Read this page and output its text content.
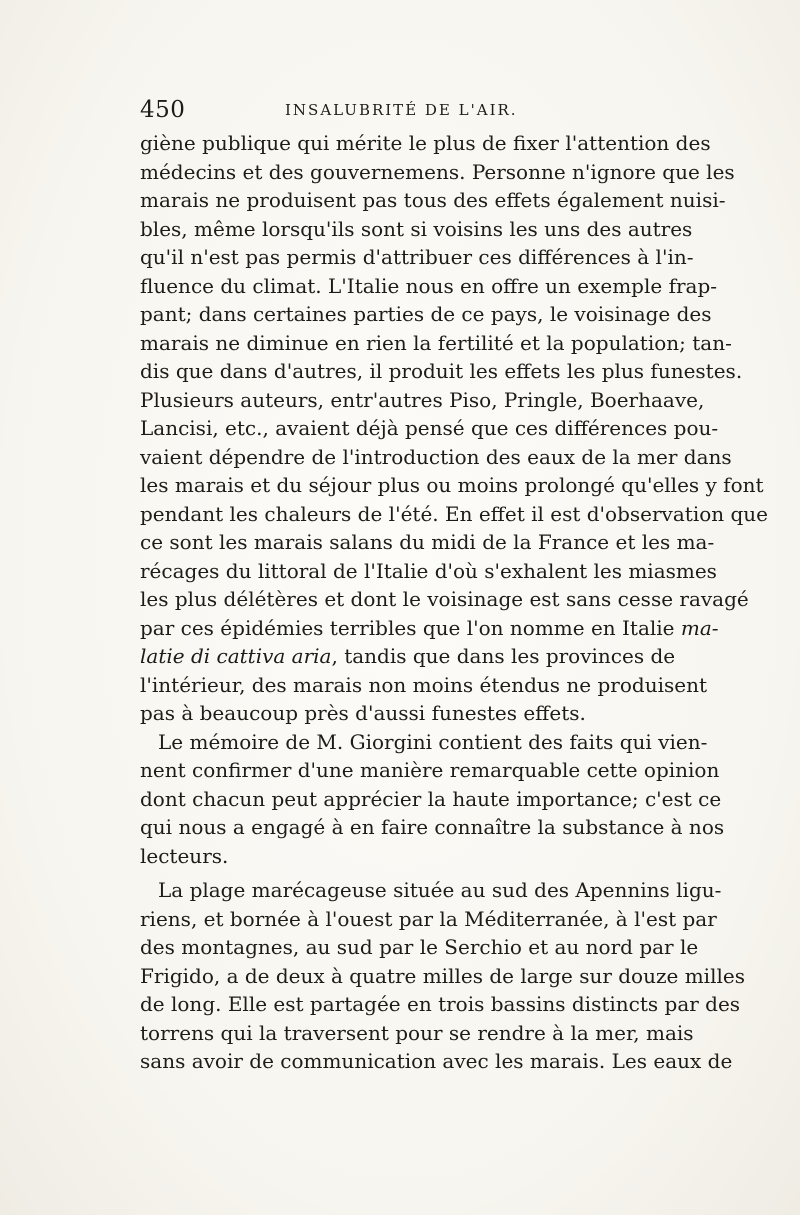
450	INSALUBRITÉ DE L'AIR.
giène publique qui mérite le plus de fixer l'attention des
médecins et des gouvernemens. Personne n'ignore que les
marais ne produisent pas tous des effets également nuisi-
bles, même lorsqu'ils sont si voisins les uns des autres
qu'il n'est pas permis d'attribuer ces différences à l'in-
fluence du climat. L'Italie nous en offre un exemple frap-
pant; dans certaines parties de ce pays, le voisinage des
marais ne diminue en rien la fertilité et la population; tan-
dis que dans d'autres, il produit les effets les plus funestes.
Plusieurs auteurs, entr'autres Piso, Pringle, Boerhaave,
Lancisi, etc., avaient déjà pensé que ces différences pou-
vaient dépendre de l'introduction des eaux de la mer dans
les marais et du séjour plus ou moins prolongé qu'elles y font
pendant les chaleurs de l'été. En effet il est d'observation que
ce sont les marais salans du midi de la France et les ma-
récages du littoral de l'Italie d'où s'exhalent les miasmes
les plus délétères et dont le voisinage est sans cesse ravagé
par ces épidémies terribles que l'on nomme en Italie ma-
latie di cattiva aria, tandis que dans les provinces de
l'intérieur, des marais non moins étendus ne produisent
pas à beaucoup près d'aussi funestes effets.
Le mémoire de M. Giorgini contient des faits qui vien-
nent confirmer d'une manière remarquable cette opinion
dont chacun peut apprécier la haute importance; c'est ce
qui nous a engagé à en faire connaître la substance à nos
lecteurs.
La plage marécageuse située au sud des Apennins ligu-
riens, et bornée à l'ouest par la Méditerranée, à l'est par
des montagnes, au sud par le Serchio et au nord par le
Frigido, a de deux à quatre milles de large sur douze milles
de long. Elle est partagée en trois bassins distincts par des
torrens qui la traversent pour se rendre à la mer, mais
sans avoir de communication avec les marais. Les eaux de
